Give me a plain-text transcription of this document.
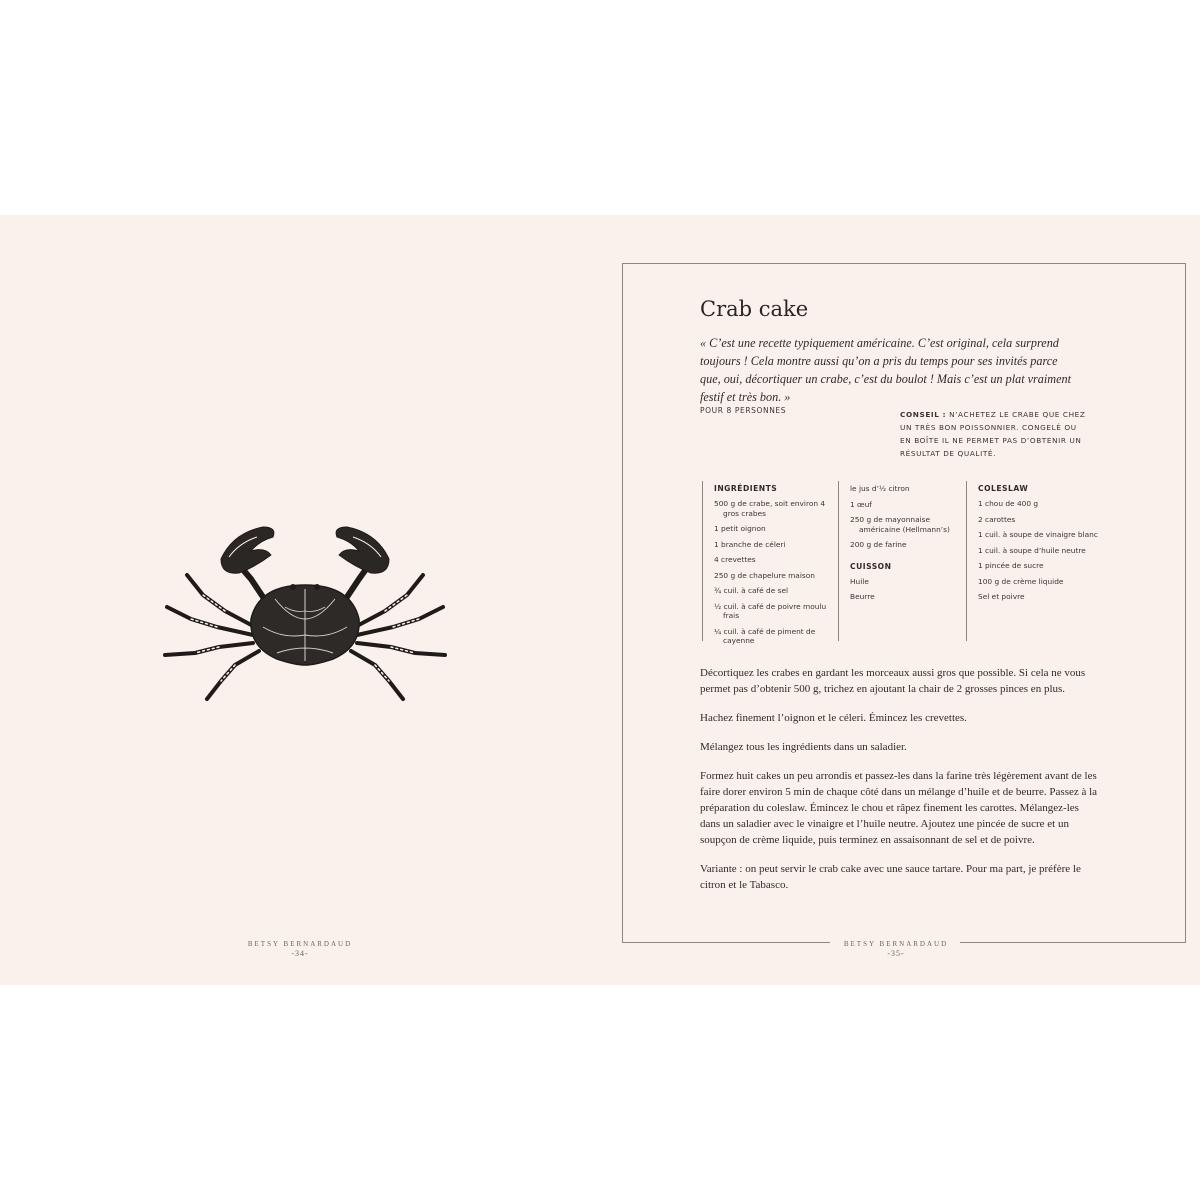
BETSY BERNARDAUD
-34-
Crab cake
« C’est une recette typiquement américaine. C’est original, cela surprend toujours ! Cela montre aussi qu’on a pris du temps pour ses invités parce que, oui, décortiquer un crabe, c’est du boulot ! Mais c’est un plat vraiment festif et très bon. »
POUR 8 PERSONNES	CONSEIL : N’ACHETEZ LE CRABE QUE CHEZ UN TRÈS BON POISSONNIER. CONGELÉ OU EN BOÎTE IL NE PERMET PAS D’OBTENIR UN RÉSULTAT DE QUALITÉ.
INGRÉDIENTS
500 g de crabe, soit environ 4 gros crabes
1 petit oignon
1 branche de céleri
4 crevettes
250 g de chapelure maison
¾ cuil. à café de sel
½ cuil. à café de poivre moulu frais
¼ cuil. à café de piment de cayenne
le jus d’½ citron
1 œuf
250 g de mayonnaise américaine (Hellmann’s)
200 g de farine
CUISSON
Huile
Beurre
COLESLAW
1 chou de 400 g
2 carottes
1 cuil. à soupe de vinaigre blanc
1 cuil. à soupe d’huile neutre
1 pincée de sucre
100 g de crème liquide
Sel et poivre

Décortiquez les crabes en gardant les morceaux aussi gros que possible. Si cela ne vous permet pas d’obtenir 500 g, trichez en ajoutant la chair de 2 grosses pinces en plus.

Hachez finement l’oignon et le céleri. Émincez les crevettes.

Mélangez tous les ingrédients dans un saladier.

Formez huit cakes un peu arrondis et passez-les dans la farine très légèrement avant de les faire dorer environ 5 min de chaque côté dans un mélange d’huile et de beurre. Passez à la préparation du coleslaw. Émincez le chou et râpez finement les carottes. Mélangez-les dans un saladier avec le vinaigre et l’huile neutre. Ajoutez une pincée de sucre et un soupçon de crème liquide, puis terminez en assaisonnant de sel et de poivre.

Variante : on peut servir le crab cake avec une sauce tartare. Pour ma part, je préfère le citron et le Tabasco.

BETSY BERNARDAUD
-35-
